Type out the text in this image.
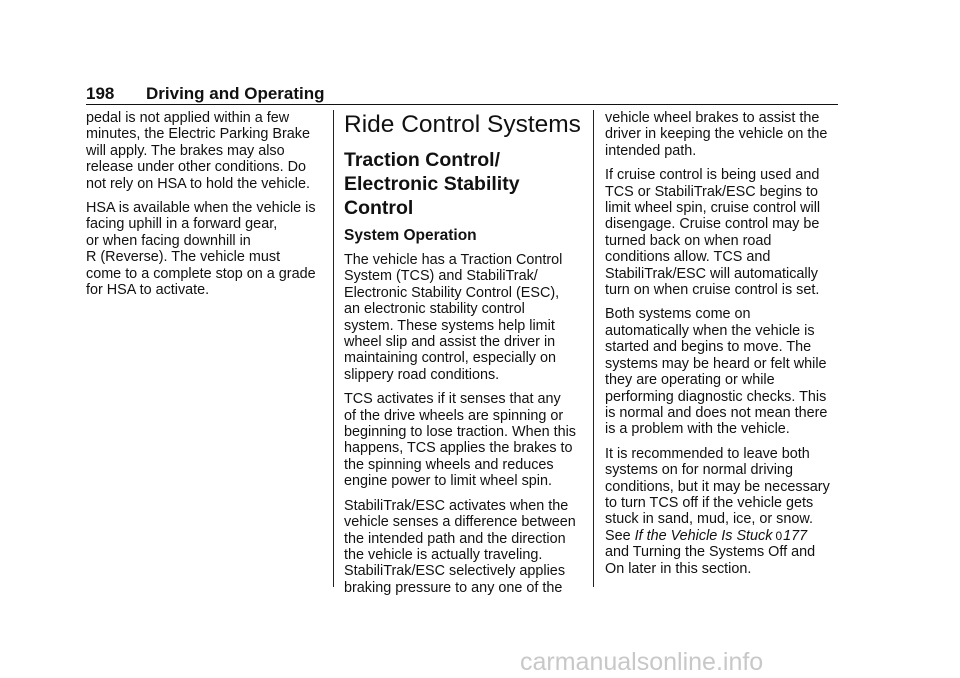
198 Driving and Operating

pedal is not applied within a few
minutes, the Electric Parking Brake
will apply. The brakes may also
release under other conditions. Do
not rely on HSA to hold the vehicle.

HSA is available when the vehicle is
facing uphill in a forward gear,
or when facing downhill in
R (Reverse). The vehicle must
come to a complete stop on a grade
for HSA to activate.

Ride Control Systems
Traction Control/
Electronic Stability
Control
System Operation

The vehicle has a Traction Control
System (TCS) and StabiliTrak/
Electronic Stability Control (ESC),
an electronic stability control
system. These systems help limit
wheel slip and assist the driver in
maintaining control, especially on
slippery road conditions.

TCS activates if it senses that any
of the drive wheels are spinning or
beginning to lose traction. When this
happens, TCS applies the brakes to
the spinning wheels and reduces
engine power to limit wheel spin.

StabiliTrak/ESC activates when the
vehicle senses a difference between
the intended path and the direction
the vehicle is actually traveling.
StabiliTrak/ESC selectively applies
braking pressure to any one of the

vehicle wheel brakes to assist the
driver in keeping the vehicle on the
intended path.

If cruise control is being used and
TCS or StabiliTrak/ESC begins to
limit wheel spin, cruise control will
disengage. Cruise control may be
turned back on when road
conditions allow. TCS and
StabiliTrak/ESC will automatically
turn on when cruise control is set.

Both systems come on
automatically when the vehicle is
started and begins to move. The
systems may be heard or felt while
they are operating or while
performing diagnostic checks. This
is normal and does not mean there
is a problem with the vehicle.

It is recommended to leave both
systems on for normal driving
conditions, but it may be necessary
to turn TCS off if the vehicle gets
stuck in sand, mud, ice, or snow.
See If the Vehicle Is Stuck 0177
and Turning the Systems Off and
On later in this section.

carmanualsonline.info
